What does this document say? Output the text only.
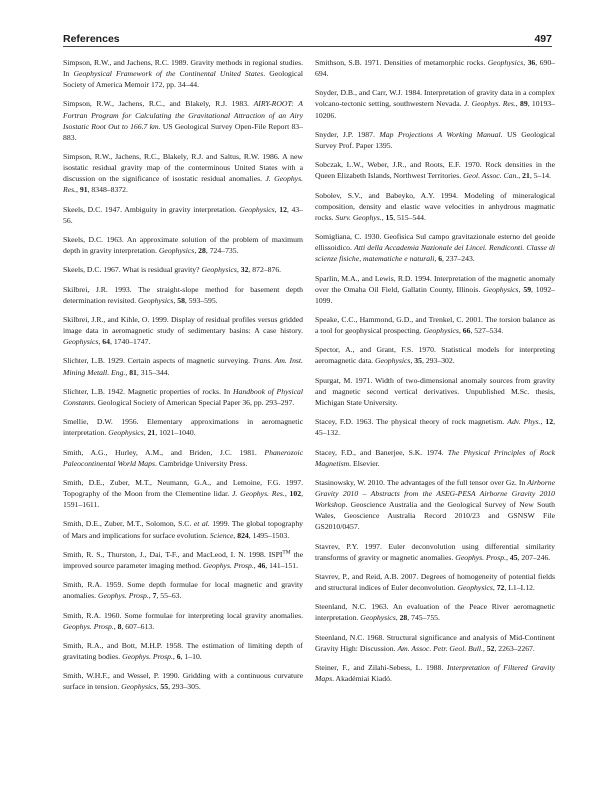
References	497

Simpson, R.W., and Jachens, R.C. 1989. Gravity methods in regional studies. In Geophysical Framework of the Continental United States. Geological Society of America Memoir 172, pp. 34–44.

Simpson, R.W., Jachens, R.C., and Blakely, R.J. 1983. AIRY-ROOT: A Fortran Program for Calculating the Gravitational Attraction of an Airy Isostatic Root Out to 166.7 km. US Geological Survey Open-File Report 83–883.

Simpson, R.W., Jachens, R.C., Blakely, R.J. and Saltus, R.W. 1986. A new isostatic residual gravity map of the conterminous United States with a discussion on the significance of isostatic residual anomalies. J. Geophys. Res., 91, 8348–8372.

Skeels, D.C. 1947. Ambiguity in gravity interpretation. Geophysics, 12, 43–56.

Skeels, D.C. 1963. An approximate solution of the problem of maximum depth in gravity interpretation. Geophysics, 28, 724–735.

Skeels, D.C. 1967. What is residual gravity? Geophysics, 32, 872–876.

Skilbrei, J.R. 1993. The straight-slope method for basement depth determination revisited. Geophysics, 58, 593–595.

Skilbrei, J.R., and Kihle, O. 1999. Display of residual profiles versus gridded image data in aeromagnetic study of sedimentary basins: A case history. Geophysics, 64, 1740–1747.

Slichter, L.B. 1929. Certain aspects of magnetic surveying. Trans. Am. Inst. Mining Metall. Eng., 81, 315–344.

Slichter, L.B. 1942. Magnetic properties of rocks. In Handbook of Physical Constants. Geological Society of American Special Paper 36, pp. 293–297.

Smellie, D.W. 1956. Elementary approximations in aeromagnetic interpretation. Geophysics, 21, 1021–1040.

Smith, A.G., Hurley, A.M., and Briden, J.C. 1981. Phanerozoic Paleocontinental World Maps. Cambridge University Press.

Smith, D.E., Zuber, M.T., Neumann, G.A., and Lemoine, F.G. 1997. Topography of the Moon from the Clementine lidar. J. Geophys. Res., 102, 1591–1611.

Smith, D.E., Zuber, M.T., Solomon, S.C. et al. 1999. The global topography of Mars and implications for surface evolution. Science, 824, 1495–1503.

Smith, R. S., Thurston, J., Dai, T-F., and MacLeod, I. N. 1998. ISPI™ the improved source parameter imaging method. Geophys. Prosp., 46, 141–151.

Smith, R.A. 1959. Some depth formulae for local magnetic and gravity anomalies. Geophys. Prosp., 7, 55–63.

Smith, R.A. 1960. Some formulae for interpreting local gravity anomalies. Geophys. Prosp., 8, 607–613.

Smith, R.A., and Bott, M.H.P. 1958. The estimation of limiting depth of gravitating bodies. Geophys. Prosp., 6, 1–10.

Smith, W.H.F., and Wessel, P. 1990. Gridding with a continuous curvature surface in tension. Geophysics, 55, 293–305.

Smithson, S.B. 1971. Densities of metamorphic rocks. Geophysics, 36, 690–694.

Snyder, D.B., and Carr, W.J. 1984. Interpretation of gravity data in a complex volcano-tectonic setting, southwestern Nevada. J. Geophys. Res., 89, 10193–10206.

Snyder, J.P. 1987. Map Projections A Working Manual. US Geological Survey Prof. Paper 1395.

Sobczak, L.W., Weber, J.R., and Roots, E.F. 1970. Rock densities in the Queen Elizabeth Islands, Northwest Territories. Geol. Assoc. Can., 21, 5–14.

Sobolev, S.V., and Babeyko, A.Y. 1994. Modeling of mineralogical composition, density and elastic wave velocities in anhydrous magmatic rocks. Surv. Geophys., 15, 515–544.

Somigliana, C. 1930. Geofisica Sul campo gravitazionale esterno del geoide ellissoidico. Atti della Accademia Nazionale dei Lincei. Rendiconti. Classe di scienze fisiche, matematiche e naturali, 6, 237–243.

Sparlin, M.A., and Lewis, R.D. 1994. Interpretation of the magnetic anomaly over the Omaha Oil Field, Gallatin County, Illinois. Geophysics, 59, 1092–1099.

Speake, C.C., Hammond, G.D., and Trenkel, C. 2001. The torsion balance as a tool for geophysical prospecting. Geophysics, 66, 527–534.

Spector, A., and Grant, F.S. 1970. Statistical models for interpreting aeromagnetic data. Geophysics, 35, 293–302.

Spurgat, M. 1971. Width of two-dimensional anomaly sources from gravity and magnetic second vertical derivatives. Unpublished M.Sc. thesis, Michigan State University.

Stacey, F.D. 1963. The physical theory of rock magnetism. Adv. Phys., 12, 45–132.

Stacey, F.D., and Banerjee, S.K. 1974. The Physical Principles of Rock Magnetism. Elsevier.

Stasinowsky, W. 2010. The advantages of the full tensor over Gz. In Airborne Gravity 2010 – Abstracts from the ASEG-PESA Airborne Gravity 2010 Workshop. Geoscience Australia and the Geological Survey of New South Wales, Geoscience Australia Record 2010/23 and GSNSW File GS2010/0457.

Stavrev, P.Y. 1997. Euler deconvolution using differential similarity transforms of gravity or magnetic anomalies. Geophys. Prosp., 45, 207–246.

Stavrev, P., and Reid, A.B. 2007. Degrees of homogeneity of potential fields and structural indices of Euler deconvolution. Geophysics, 72, L1–L12.

Steenland, N.C. 1963. An evaluation of the Peace River aeromagnetic interpretation. Geophysics, 28, 745–755.

Steenland, N.C. 1968. Structural significance and analysis of Mid-Continent Gravity High: Discussion. Am. Assoc. Petr. Geol. Bull., 52, 2263–2267.

Steiner, F., and Zilahi-Sebess, L. 1988. Interpretation of Filtered Gravity Maps. Akadémiai Kiadó.
